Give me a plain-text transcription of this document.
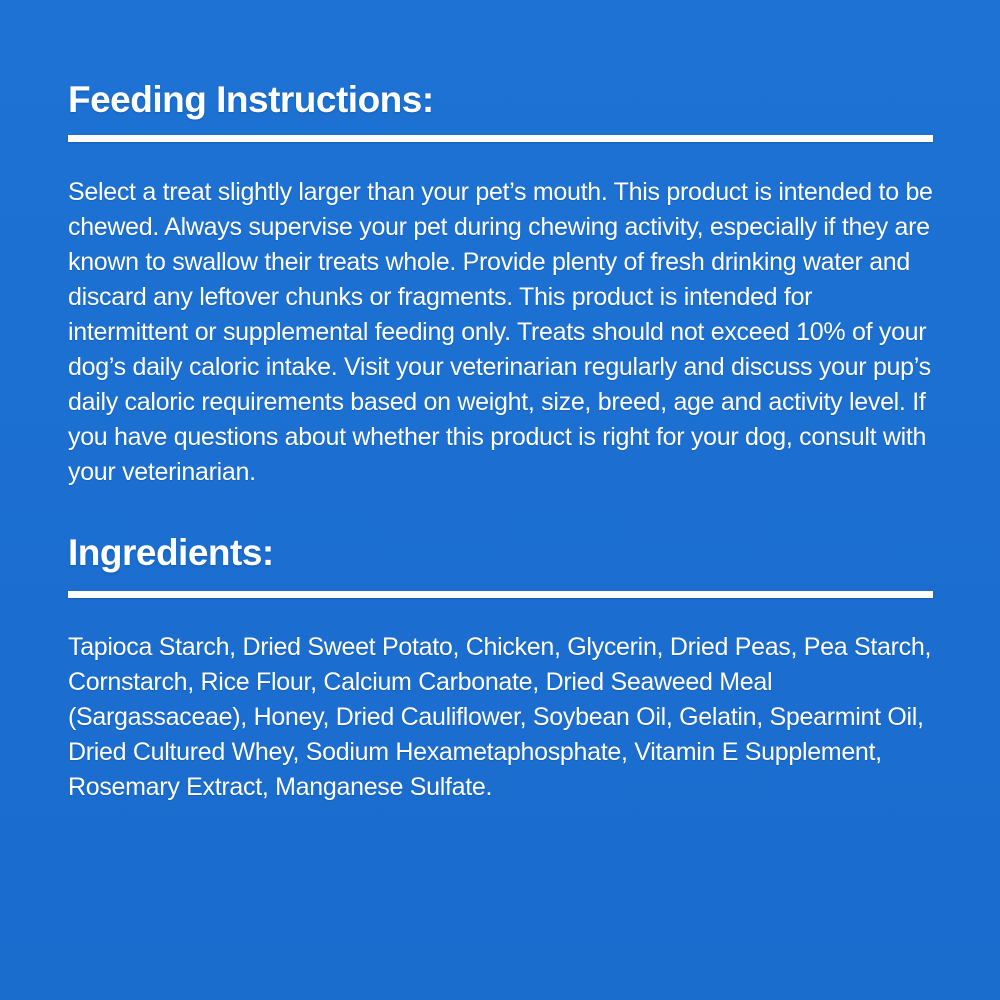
Feeding Instructions:

Select a treat slightly larger than your pet’s mouth. This product is intended to be chewed. Always supervise your pet during chewing activity, especially if they are known to swallow their treats whole. Provide plenty of fresh drinking water and discard any leftover chunks or fragments. This product is intended for intermittent or supplemental feeding only. Treats should not exceed 10% of your dog’s daily caloric intake. Visit your veterinarian regularly and discuss your pup’s daily caloric requirements based on weight, size, breed, age and activity level. If you have questions about whether this product is right for your dog, consult with your veterinarian.

Ingredients:

Tapioca Starch, Dried Sweet Potato, Chicken, Glycerin, Dried Peas, Pea Starch, Cornstarch, Rice Flour, Calcium Carbonate, Dried Seaweed Meal (Sargassaceae), Honey, Dried Cauliflower, Soybean Oil, Gelatin, Spearmint Oil, Dried Cultured Whey, Sodium Hexametaphosphate, Vitamin E Supplement, Rosemary Extract, Manganese Sulfate.
